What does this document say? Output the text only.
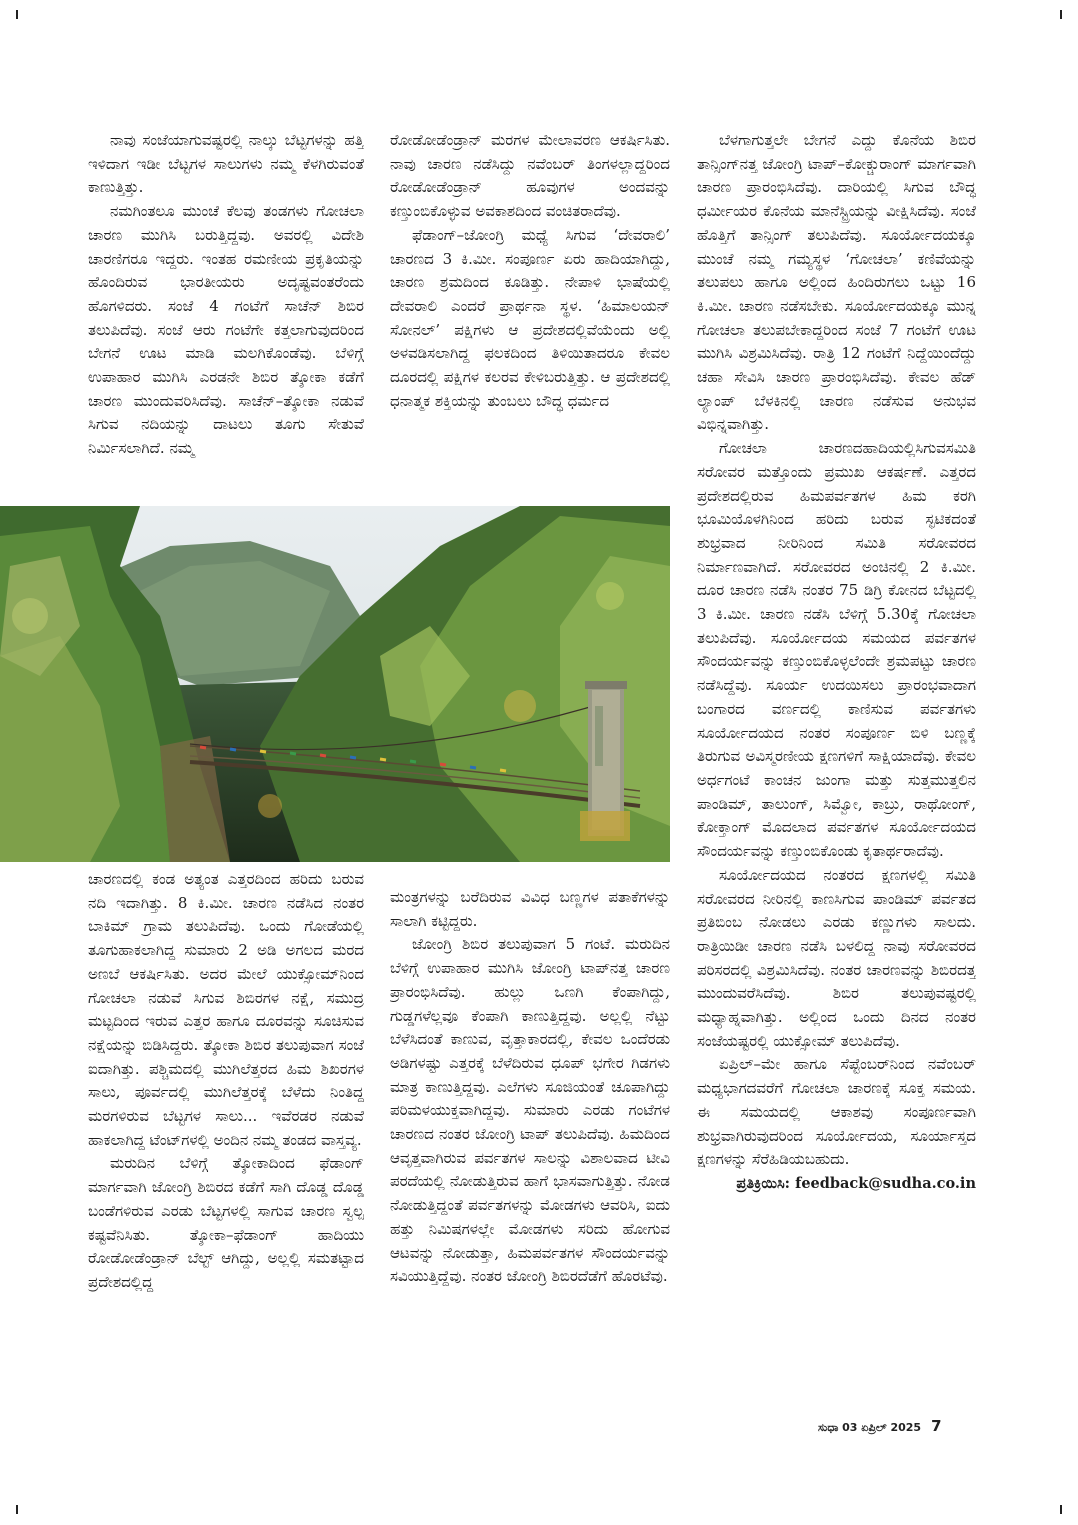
ನಾವು ಸಂಜೆಯಾಗುವಷ್ಟರಲ್ಲಿ ನಾಲ್ಕು ಬೆಟ್ಟಗಳನ್ನು ಹತ್ತಿ ಇಳಿದಾಗ ಇಡೀ ಬೆಟ್ಟಗಳ ಸಾಲುಗಳು ನಮ್ಮ ಕೆಳಗಿರುವಂತೆ ಕಾಣುತ್ತಿತ್ತು.

ನಮಗಿಂತಲೂ ಮುಂಚೆ ಕೆಲವು ತಂಡಗಳು ಗೋಚಲಾ ಚಾರಣ ಮುಗಿಸಿ ಬರುತ್ತಿದ್ದವು. ಅವರಲ್ಲಿ ವಿದೇಶಿ ಚಾರಣಿಗರೂ ಇದ್ದರು. ಇಂತಹ ರಮಣೀಯ ಪ್ರಕೃತಿಯನ್ನು ಹೊಂದಿರುವ ಭಾರತೀಯರು ಅದೃಷ್ಟವಂತರೆಂದು ಹೊಗಳಿದರು. ಸಂಜೆ 4 ಗಂಟೆಗೆ ಸಾಚೆನ್ ಶಿಬಿರ ತಲುಪಿದೆವು. ಸಂಜೆ ಆರು ಗಂಟೆಗೇ ಕತ್ತಲಾಗುವುದರಿಂದ ಬೇಗನೆ ಊಟ ಮಾಡಿ ಮಲಗಿಕೊಂಡೆವು. ಬೆಳಿಗ್ಗೆ ಉಪಾಹಾರ ಮುಗಿಸಿ ಎರಡನೇ ಶಿಬಿರ ತ್ಶೋಕಾ ಕಡೆಗೆ ಚಾರಣ ಮುಂದುವರಿಸಿದೆವು. ಸಾಚೆನ್–ತ್ಶೋಕಾ ನಡುವೆ ಸಿಗುವ ನದಿಯನ್ನು ದಾಟಲು ತೂಗು ಸೇತುವೆ ನಿರ್ಮಿಸಲಾಗಿದೆ. ನಮ್ಮ

ರೋಡೋಡೆಂಡ್ರಾನ್ ಮರಗಳ ಮೇಲಾವರಣ ಆಕರ್ಷಿಸಿತು. ನಾವು ಚಾರಣ ನಡೆಸಿದ್ದು ನವೆಂಬರ್ ತಿಂಗಳಲ್ಲಾದ್ದರಿಂದ ರೋಡೋಡೆಂಡ್ರಾನ್ ಹೂವುಗಳ ಅಂದವನ್ನು ಕಣ್ತುಂಬಿಕೊಳ್ಳುವ ಅವಕಾಶದಿಂದ ವಂಚಿತರಾದೆವು.

ಫೆಡಾಂಗ್–ಜೋಂಗ್ರಿ ಮಧ್ಯೆ ಸಿಗುವ ‘ದೇವರಾಲಿ’ ಚಾರಣದ 3 ಕಿ.ಮೀ. ಸಂಪೂರ್ಣ ಏರು ಹಾದಿಯಾಗಿದ್ದು, ಚಾರಣ ಶ್ರಮದಿಂದ ಕೂಡಿತ್ತು. ನೇಪಾಳಿ ಭಾಷೆಯಲ್ಲಿ ದೇವರಾಲಿ ಎಂದರೆ ಪ್ರಾರ್ಥನಾ ಸ್ಥಳ. ‘ಹಿಮಾಲಯನ್ ಸೋನಲ್’ ಪಕ್ಷಿಗಳು ಆ ಪ್ರದೇಶದಲ್ಲಿವೆಯೆಂದು ಅಲ್ಲಿ ಅಳವಡಿಸಲಾಗಿದ್ದ ಫಲಕದಿಂದ ತಿಳಿಯಿತಾದರೂ ಕೇವಲ ದೂರದಲ್ಲಿ ಪಕ್ಷಿಗಳ ಕಲರವ ಕೇಳಿಬರುತ್ತಿತ್ತು. ಆ ಪ್ರದೇಶದಲ್ಲಿ ಧನಾತ್ಮಕ ಶಕ್ತಿಯನ್ನು ತುಂಬಲು ಬೌದ್ಧ ಧರ್ಮದ

ಚಾರಣದಲ್ಲಿ ಕಂಡ ಅತ್ಯಂತ ಎತ್ತರದಿಂದ ಹರಿದು ಬರುವ ನದಿ ಇದಾಗಿತ್ತು. 8 ಕಿ.ಮೀ. ಚಾರಣ ನಡೆಸಿದ ನಂತರ ಬಾಕಿಮ್ ಗ್ರಾಮ ತಲುಪಿದೆವು. ಒಂದು ಗೋಡೆಯಲ್ಲಿ ತೂಗುಹಾಕಲಾಗಿದ್ದ ಸುಮಾರು 2 ಅಡಿ ಅಗಲದ ಮರದ ಅಣಬೆ ಆಕರ್ಷಿಸಿತು. ಅದರ ಮೇಲೆ ಯುಕ್ಸೋಮ್‌ನಿಂದ ಗೋಚಲಾ ನಡುವೆ ಸಿಗುವ ಶಿಬಿರಗಳ ನಕ್ಷೆ, ಸಮುದ್ರ ಮಟ್ಟದಿಂದ ಇರುವ ಎತ್ತರ ಹಾಗೂ ದೂರವನ್ನು ಸೂಚಿಸುವ ನಕ್ಷೆಯನ್ನು ಬಿಡಿಸಿದ್ದರು. ತ್ಶೋಕಾ ಶಿಬಿರ ತಲುಪುವಾಗ ಸಂಜೆ ಐದಾಗಿತ್ತು. ಪಶ್ಚಿಮದಲ್ಲಿ ಮುಗಿಲೆತ್ತರದ ಹಿಮ ಶಿಖರಗಳ ಸಾಲು, ಪೂರ್ವದಲ್ಲಿ ಮುಗಿಲೆತ್ತರಕ್ಕೆ ಬೆಳೆದು ನಿಂತಿದ್ದ ಮರಗಳಿರುವ ಬೆಟ್ಟಗಳ ಸಾಲು... ಇವೆರಡರ ನಡುವೆ ಹಾಕಲಾಗಿದ್ದ ಟೆಂಟ್‌ಗಳಲ್ಲಿ ಅಂದಿನ ನಮ್ಮ ತಂಡದ ವಾಸ್ತವ್ಯ.

ಮರುದಿನ ಬೆಳಿಗ್ಗೆ ತ್ಶೋಕಾದಿಂದ ಫೆಡಾಂಗ್ ಮಾರ್ಗವಾಗಿ ಜೋಂಗ್ರಿ ಶಿಬಿರದ ಕಡೆಗೆ ಸಾಗಿ ದೊಡ್ಡ ದೊಡ್ಡ ಬಂಡೆಗಳಿರುವ ಎರಡು ಬೆಟ್ಟಗಳಲ್ಲಿ ಸಾಗುವ ಚಾರಣ ಸ್ವಲ್ಪ ಕಷ್ಟವೆನಿಸಿತು. ತ್ಶೋಕಾ–ಫೆಡಾಂಗ್ ಹಾದಿಯು ರೋಡೋಡೆಂಡ್ರಾನ್ ಬೆಲ್ಟ್ ಆಗಿದ್ದು, ಅಲ್ಲಲ್ಲಿ ಸಮತಟ್ಟಾದ ಪ್ರದೇಶದಲ್ಲಿದ್ದ

ಮಂತ್ರಗಳನ್ನು ಬರೆದಿರುವ ವಿವಿಧ ಬಣ್ಣಗಳ ಪತಾಕೆಗಳನ್ನು ಸಾಲಾಗಿ ಕಟ್ಟಿದ್ದರು.

ಜೋಂಗ್ರಿ ಶಿಬಿರ ತಲುಪುವಾಗ 5 ಗಂಟೆ. ಮರುದಿನ ಬೆಳಿಗ್ಗೆ ಉಪಾಹಾರ ಮುಗಿಸಿ ಜೋಂಗ್ರಿ ಟಾಪ್‌ನತ್ತ ಚಾರಣ ಪ್ರಾರಂಭಿಸಿದೆವು. ಹುಲ್ಲು ಒಣಗಿ ಕೆಂಪಾಗಿದ್ದು, ಗುಡ್ಡಗಳೆಲ್ಲವೂ ಕೆಂಪಾಗಿ ಕಾಣುತ್ತಿದ್ದವು. ಅಲ್ಲಲ್ಲಿ ನೆಟ್ಟು ಬೆಳೆಸಿದಂತೆ ಕಾಣುವ, ವೃತ್ತಾಕಾರದಲ್ಲಿ, ಕೇವಲ ಒಂದೆರಡು ಅಡಿಗಳಷ್ಟು ಎತ್ತರಕ್ಕೆ ಬೆಳೆದಿರುವ ಧೂಪ್ ಭಗೇರ ಗಿಡಗಳು ಮಾತ್ರ ಕಾಣುತ್ತಿದ್ದವು. ಎಲೆಗಳು ಸೂಜಿಯಂತೆ ಚೂಪಾಗಿದ್ದು ಪರಿಮಳಯುಕ್ತವಾಗಿದ್ದವು. ಸುಮಾರು ಎರಡು ಗಂಟೆಗಳ ಚಾರಣದ ನಂತರ ಜೋಂಗ್ರಿ ಟಾಪ್ ತಲುಪಿದೆವು. ಹಿಮದಿಂದ ಆವೃತ್ತವಾಗಿರುವ ಪರ್ವತಗಳ ಸಾಲನ್ನು ವಿಶಾಲವಾದ ಟೀವಿ ಪರದೆಯಲ್ಲಿ ನೋಡುತ್ತಿರುವ ಹಾಗೆ ಭಾಸವಾಗುತ್ತಿತ್ತು. ನೋಡ ನೋಡುತ್ತಿದ್ದಂತೆ ಪರ್ವತಗಳನ್ನು ಮೋಡಗಳು ಆವರಿಸಿ, ಐದು ಹತ್ತು ನಿಮಿಷಗಳಲ್ಲೇ ಮೋಡಗಳು ಸರಿದು ಹೋಗುವ ಆಟವನ್ನು ನೋಡುತ್ತಾ, ಹಿಮಪರ್ವತಗಳ ಸೌಂದರ್ಯವನ್ನು ಸವಿಯುತ್ತಿದ್ದೆವು. ನಂತರ ಜೋಂಗ್ರಿ ಶಿಬಿರದೆಡೆಗೆ ಹೊರಟೆವು.

ಬೆಳಗಾಗುತ್ತಲೇ ಬೇಗನೆ ಎದ್ದು ಕೊನೆಯ ಶಿಬಿರ ತಾನ್ಸಿಂಗ್‌ನತ್ತ ಜೋಂಗ್ರಿ ಟಾಪ್–ಕೋಕ್ಚುರಾಂಗ್ ಮಾರ್ಗವಾಗಿ ಚಾರಣ ಪ್ರಾರಂಭಿಸಿದೆವು. ದಾರಿಯಲ್ಲಿ ಸಿಗುವ ಬೌದ್ಧ ಧರ್ಮೀಯರ ಕೊನೆಯ ಮಾನೆಸ್ಟ್ರಿಯನ್ನು ವೀಕ್ಷಿಸಿದೆವು. ಸಂಜೆ ಹೊತ್ತಿಗೆ ತಾನ್ಸಿಂಗ್ ತಲುಪಿದೆವು. ಸೂರ್ಯೋದಯಕ್ಕೂ ಮುಂಚೆ ನಮ್ಮ ಗಮ್ಯಸ್ಥಳ ‘ಗೋಚಲಾ’ ಕಣಿವೆಯನ್ನು ತಲುಪಲು ಹಾಗೂ ಅಲ್ಲಿಂದ ಹಿಂದಿರುಗಲು ಒಟ್ಟು 16 ಕಿ.ಮೀ. ಚಾರಣ ನಡೆಸಬೇಕು. ಸೂರ್ಯೋದಯಕ್ಕೂ ಮುನ್ನ ಗೋಚಲಾ ತಲುಪಬೇಕಾದ್ದರಿಂದ ಸಂಜೆ 7 ಗಂಟೆಗೆ ಊಟ ಮುಗಿಸಿ ವಿಶ್ರಮಿಸಿದೆವು. ರಾತ್ರಿ 12 ಗಂಟೆಗೆ ನಿದ್ದೆಯಿಂದೆದ್ದು ಚಹಾ ಸೇವಿಸಿ ಚಾರಣ ಪ್ರಾರಂಭಿಸಿದೆವು. ಕೇವಲ ಹೆಡ್ ಲ್ಯಾಂಪ್ ಬೆಳಕಿನಲ್ಲಿ ಚಾರಣ ನಡೆಸುವ ಅನುಭವ ವಿಭಿನ್ನವಾಗಿತ್ತು.

ಗೋಚಲಾ ಚಾರಣದಹಾದಿಯಲ್ಲಿಸಿಗುವಸಮಿತಿ ಸರೋವರ ಮತ್ತೊಂದು ಪ್ರಮುಖ ಆಕರ್ಷಣೆ. ಎತ್ತರದ ಪ್ರದೇಶದಲ್ಲಿರುವ ಹಿಮಪರ್ವತಗಳ ಹಿಮ ಕರಗಿ ಭೂಮಿಯೊಳಗಿನಿಂದ ಹರಿದು ಬರುವ ಸ್ಫಟಿಕದಂತೆ ಶುಭ್ರವಾದ ನೀರಿನಿಂದ ಸಮಿತಿ ಸರೋವರದ ನಿರ್ಮಾಣವಾಗಿದೆ. ಸರೋವರದ ಅಂಚಿನಲ್ಲಿ 2 ಕಿ.ಮೀ. ದೂರ ಚಾರಣ ನಡೆಸಿ ನಂತರ 75 ಡಿಗ್ರಿ ಕೋನದ ಬೆಟ್ಟದಲ್ಲಿ 3 ಕಿ.ಮೀ. ಚಾರಣ ನಡೆಸಿ ಬೆಳಿಗ್ಗೆ 5.30ಕ್ಕೆ ಗೋಚಲಾ ತಲುಪಿದೆವು. ಸೂರ್ಯೋದಯ ಸಮಯದ ಪರ್ವತಗಳ ಸೌಂದರ್ಯವನ್ನು ಕಣ್ತುಂಬಿಕೊಳ್ಳಲೆಂದೇ ಶ್ರಮಪಟ್ಟು ಚಾರಣ ನಡೆಸಿದ್ದೆವು. ಸೂರ್ಯ ಉದಯಿಸಲು ಪ್ರಾರಂಭವಾದಾಗ ಬಂಗಾರದ ವರ್ಣದಲ್ಲಿ ಕಾಣಿಸುವ ಪರ್ವತಗಳು ಸೂರ್ಯೋದಯದ ನಂತರ ಸಂಪೂರ್ಣ ಬಿಳಿ ಬಣ್ಣಕ್ಕೆ ತಿರುಗುವ ಅವಿಸ್ಮರಣೀಯ ಕ್ಷಣಗಳಿಗೆ ಸಾಕ್ಷಿಯಾದೆವು. ಕೇವಲ ಅರ್ಧಗಂಟೆ ಕಾಂಚನ ಜುಂಗಾ ಮತ್ತು ಸುತ್ತಮುತ್ತಲಿನ ಪಾಂಡಿಮ್, ತಾಲುಂಗ್, ಸಿಮ್ವೋ, ಕಾಬ್ರು, ರಾಥೋಂಗ್, ಕೋಕ್ತಾಂಗ್ ಮೊದಲಾದ ಪರ್ವತಗಳ ಸೂರ್ಯೋದಯದ ಸೌಂದರ್ಯವನ್ನು ಕಣ್ತುಂಬಿಕೊಂಡು ಕೃತಾರ್ಥರಾದೆವು.

ಸೂರ್ಯೋದಯದ ನಂತರದ ಕ್ಷಣಗಳಲ್ಲಿ ಸಮಿತಿ ಸರೋವರದ ನೀರಿನಲ್ಲಿ ಕಾಣಸಿಗುವ ಪಾಂಡಿಮ್ ಪರ್ವತದ ಪ್ರತಿಬಿಂಬ ನೋಡಲು ಎರಡು ಕಣ್ಣುಗಳು ಸಾಲದು. ರಾತ್ರಿಯಿಡೀ ಚಾರಣ ನಡೆಸಿ ಬಳಲಿದ್ದ ನಾವು ಸರೋವರದ ಪರಿಸರದಲ್ಲಿ ವಿಶ್ರಮಿಸಿದೆವು. ನಂತರ ಚಾರಣವನ್ನು ಶಿಬಿರದತ್ತ ಮುಂದುವರೆಸಿದೆವು. ಶಿಬಿರ ತಲುಪುವಷ್ಟರಲ್ಲಿ ಮಧ್ಯಾಹ್ನವಾಗಿತ್ತು. ಅಲ್ಲಿಂದ ಒಂದು ದಿನದ ನಂತರ ಸಂಜೆಯಷ್ಟರಲ್ಲಿ ಯುಕ್ಸೋಮ್ ತಲುಪಿದೆವು.

ಏಪ್ರಿಲ್–ಮೇ ಹಾಗೂ ಸೆಪ್ಟೆಂಬರ್‌ನಿಂದ ನವೆಂಬರ್ ಮಧ್ಯಭಾಗದವರೆಗೆ ಗೋಚಲಾ ಚಾರಣಕ್ಕೆ ಸೂಕ್ತ ಸಮಯ. ಈ ಸಮಯದಲ್ಲಿ ಆಕಾಶವು ಸಂಪೂರ್ಣವಾಗಿ ಶುಭ್ರವಾಗಿರುವುದರಿಂದ ಸೂರ್ಯೋದಯ, ಸೂರ್ಯಾಸ್ತದ ಕ್ಷಣಗಳನ್ನು ಸೆರೆಹಿಡಿಯಬಹುದು.

ಪ್ರತಿಕ್ರಿಯಿಸಿ: feedback@sudha.co.in

ಸುಧಾ 03 ಏಪ್ರಿಲ್ 2025 7
